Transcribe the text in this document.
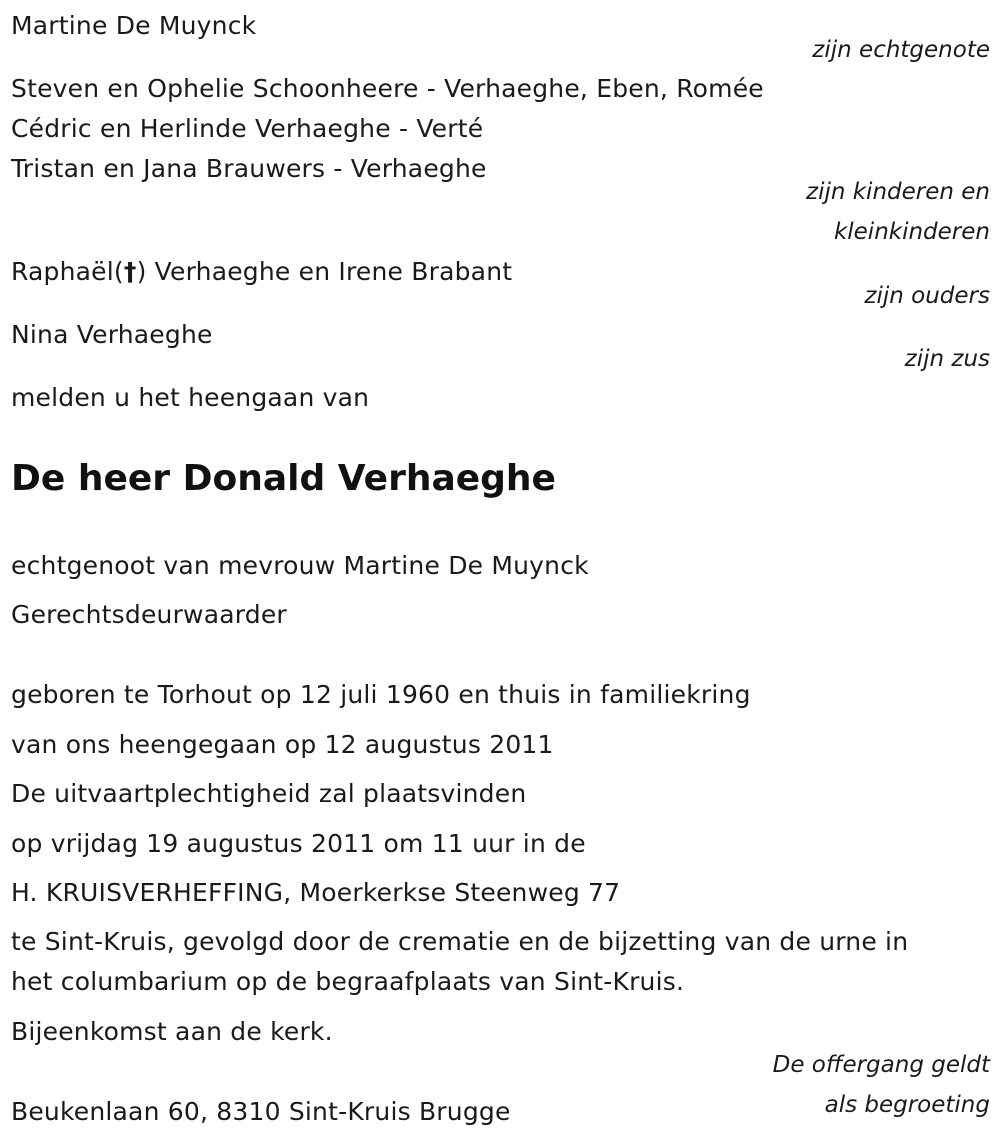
Martine De Muynck
zijn echtgenote
Steven en Ophelie Schoonheere - Verhaeghe, Eben, Romée
Cédric en Herlinde Verhaeghe - Verté
Tristan en Jana Brauwers - Verhaeghe
zijn kinderen en
kleinkinderen
Raphaël(†) Verhaeghe en Irene Brabant
zijn ouders
Nina Verhaeghe
zijn zus
melden u het heengaan van
De heer Donald Verhaeghe
echtgenoot van mevrouw Martine De Muynck
Gerechtsdeurwaarder
geboren te Torhout op 12 juli 1960 en thuis in familiekring
van ons heengegaan op 12 augustus 2011
De uitvaartplechtigheid zal plaatsvinden
op vrijdag 19 augustus 2011 om 11 uur in de
H. KRUISVERHEFFING, Moerkerkse Steenweg 77
te Sint-Kruis, gevolgd door de crematie en de bijzetting van de urne in
het columbarium op de begraafplaats van Sint-Kruis.
Bijeenkomst aan de kerk.
De offergang geldt
Beukenlaan 60, 8310 Sint-Kruis Brugge	als begroeting
